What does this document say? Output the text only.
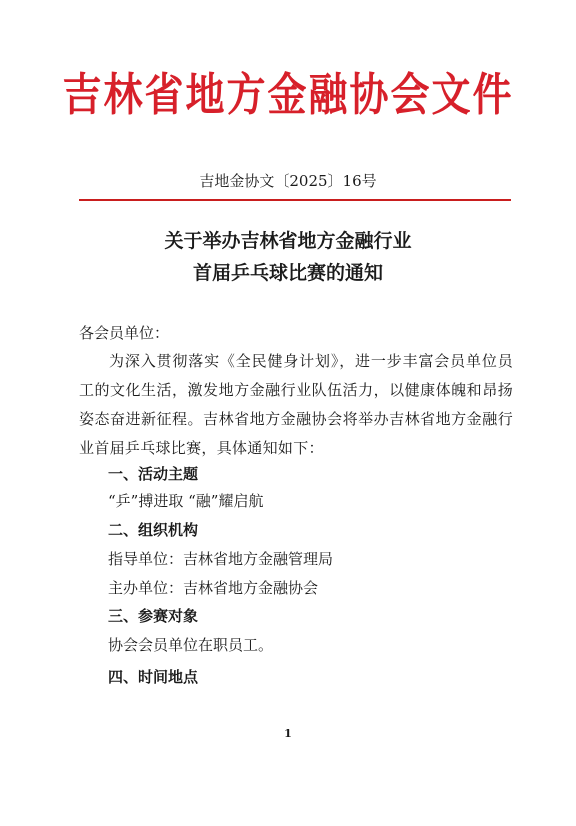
吉林省地方金融协会文件
吉地金协文〔2025〕16号
关于举办吉林省地方金融行业
首届乒乓球比赛的通知
各会员单位：
为深入贯彻落实《全民健身计划》，进一步丰富会员单位员工的文化生活，激发地方金融行业队伍活力，以健康体魄和昂扬姿态奋进新征程。吉林省地方金融协会将举办吉林省地方金融行业首届乒乓球比赛，具体通知如下：
一、活动主题
“乒”搏进取 “融”耀启航
二、组织机构
指导单位：吉林省地方金融管理局
主办单位：吉林省地方金融协会
三、参赛对象
协会会员单位在职员工。
四、时间地点
1
